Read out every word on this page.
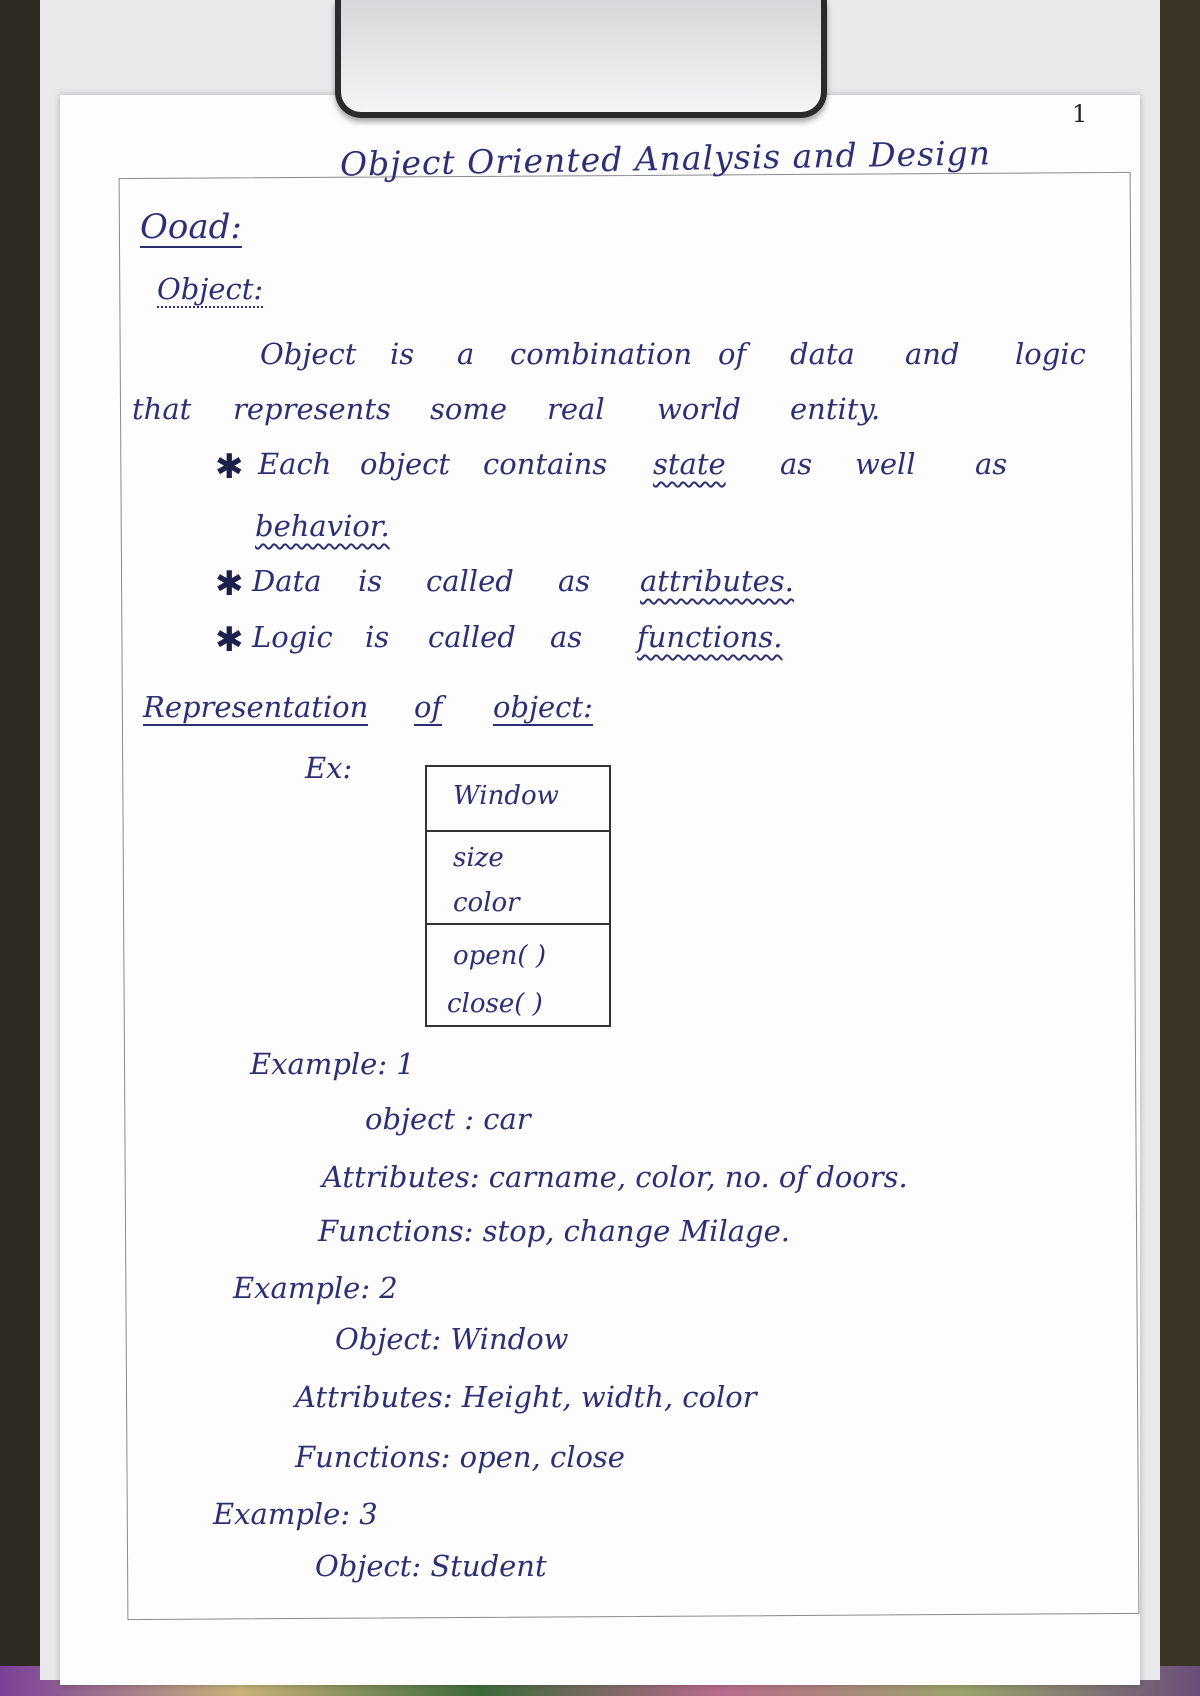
1
Object Oriented Analysis and Design
Ooad:
Object:
✱
behavior.
✱
✱
Ex:
Window
size
color
open( )
close( )
Example: 1
object : car
Attributes: carname, color, no. of doors.
Functions: stop, change Milage.
Example: 2
Object: Window
Attributes: Height, width, color
Functions: open, close
Example: 3
Object: Student
Object is a combination of data and logic
that represents some real world entity.
Each object contains state as well as
Data is called as attributes.
Logic is called as functions.
Representation of object:
